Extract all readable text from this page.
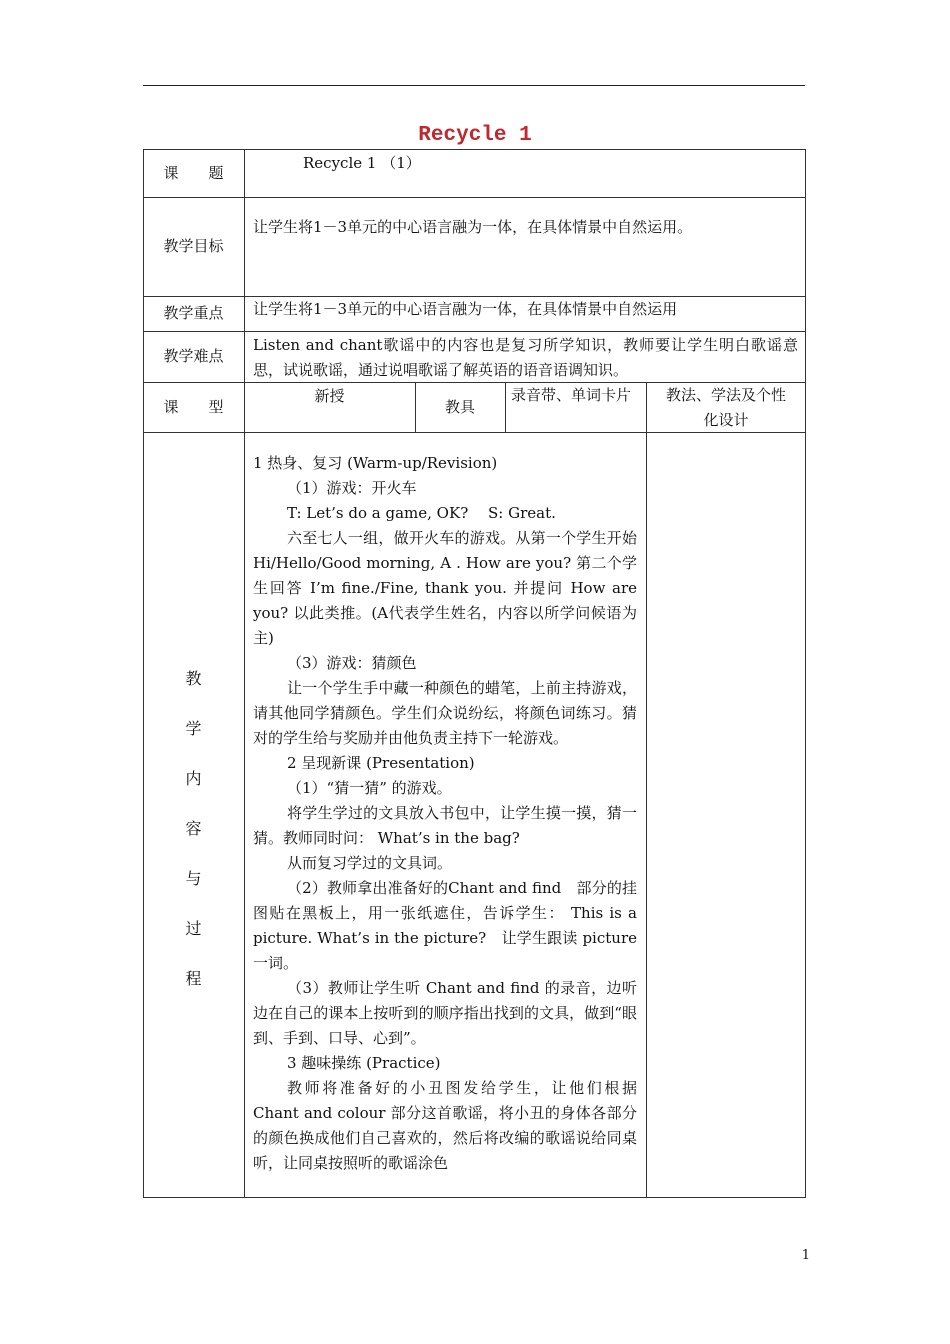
Recycle 1
课　　题
Recycle 1 （1）
教学目标
让学生将1－3单元的中心语言融为一体，在具体情景中自然运用。
教学重点	让学生将1－3单元的中心语言融为一体，在具体情景中自然运用
教学难点
Listen and chant歌谣中的内容也是复习所学知识，教师要让学生明白歌谣意思，试说歌谣，通过说唱歌谣了解英语的语音语调知识。
课　　型
新授
教具
录音带、单词卡片	教法、学法及个性化设计
教
学
内
容
与
过
程

1 热身、复习 (Warm-up/Revision)

（1）游戏：开火车

T: Let’s do a game, OK?　 S: Great.

六至七人一组，做开火车的游戏。从第一个学生开始 Hi/Hello/Good morning, A . How are you? 第二个学生回答 I’m fine./Fine, thank you. 并提问 How are you? 以此类推。(A代表学生姓名，内容以所学问候语为主)

（3）游戏：猜颜色

让一个学生手中藏一种颜色的蜡笔，上前主持游戏，请其他同学猜颜色。学生们众说纷纭，将颜色词练习。猜对的学生给与奖励并由他负责主持下一轮游戏。

2 呈现新课 (Presentation)

（1）“猜一猜” 的游戏。

将学生学过的文具放入书包中，让学生摸一摸，猜一猜。教师同时问： What’s in the bag?

从而复习学过的文具词。

（2）教师拿出准备好的Chant and find　部分的挂图贴在黑板上，用一张纸遮住，告诉学生： This is a picture. What’s in the picture?　让学生跟读 picture 一词。

（3）教师让学生听 Chant and find 的录音，边听边在自己的课本上按听到的顺序指出找到的文具，做到“眼到、手到、口导、心到”。

3 趣味操练 (Practice)

教师将准备好的小丑图发给学生，让他们根据 Chant and colour 部分这首歌谣，将小丑的身体各部分的颜色换成他们自己喜欢的，然后将改编的歌谣说给同桌听，让同桌按照听的歌谣涂色

1
